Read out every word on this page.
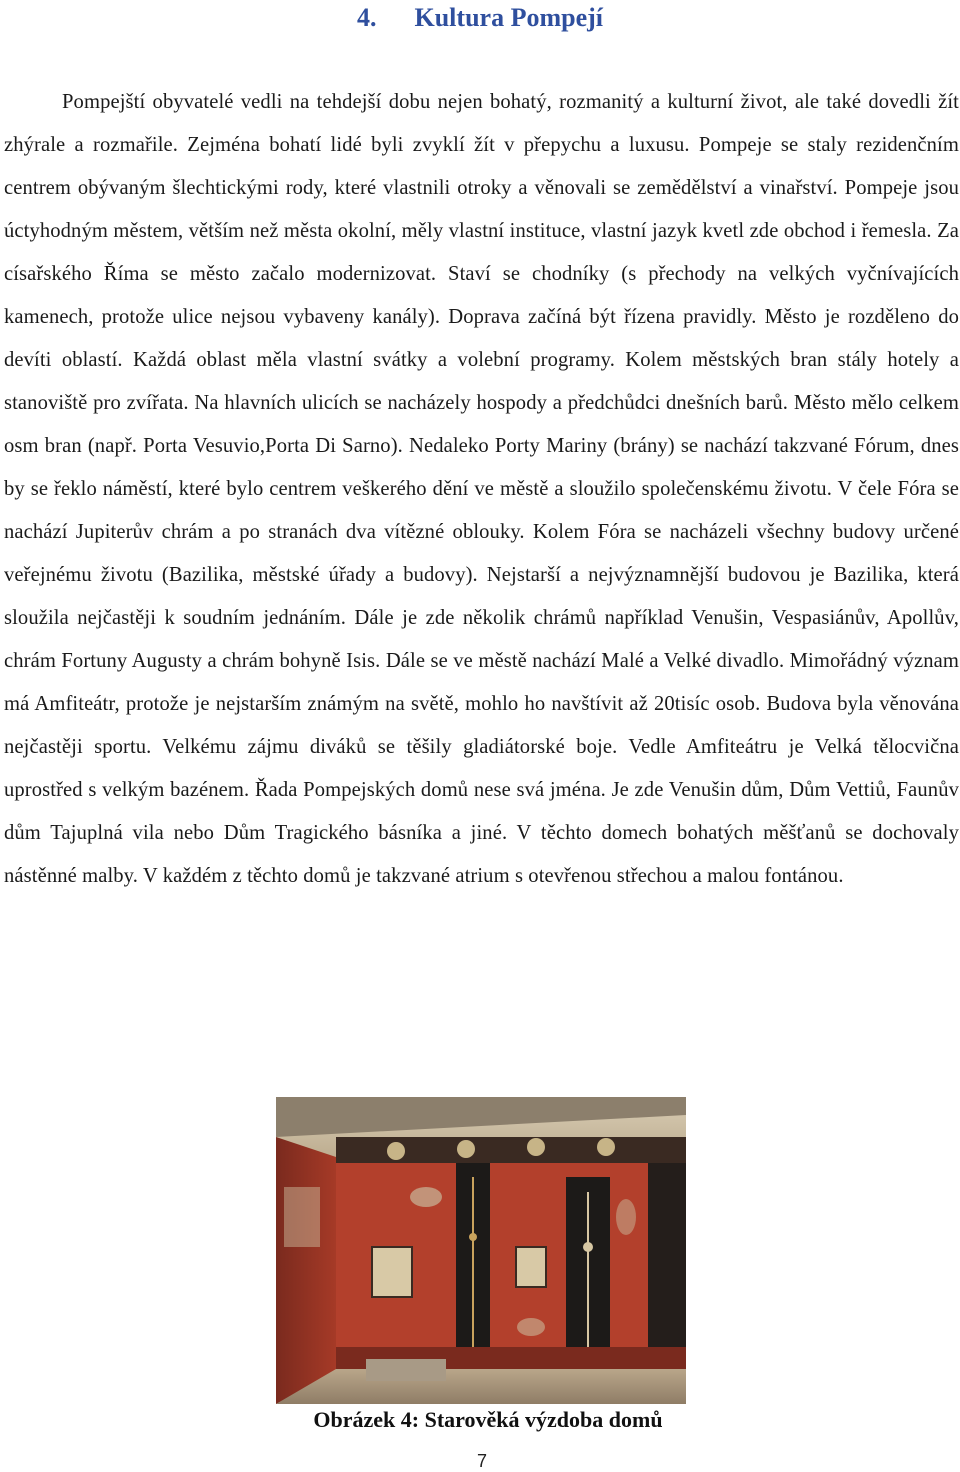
4. Kultura Pompejí

Pompejští obyvatelé vedli na tehdejší dobu nejen bohatý, rozmanitý a kulturní život, ale také dovedli žít zhýrale a rozmařile. Zejména bohatí lidé byli zvyklí žít v přepychu a luxusu. Pompeje se staly rezidenčním centrem obývaným šlechtickými rody, které vlastnili otroky a věnovali se zemědělství a vinařství. Pompeje jsou úctyhodným městem, větším než města okolní, měly vlastní instituce, vlastní jazyk kvetl zde obchod i řemesla. Za císařského Říma se město začalo modernizovat. Staví se chodníky (s přechody na velkých vyčnívajících kamenech, protože ulice nejsou vybaveny kanály). Doprava začíná být řízena pravidly. Město je rozděleno do devíti oblastí. Každá oblast měla vlastní svátky a volební programy. Kolem městských bran stály hotely a stanoviště pro zvířata. Na hlavních ulicích se nacházely hospody a předchůdci dnešních barů. Město mělo celkem osm bran (např. Porta Vesuvio,Porta Di Sarno). Nedaleko Porty Mariny (brány) se nachází takzvané Fórum, dnes by se řeklo náměstí, které bylo centrem veškerého dění ve městě a sloužilo společenskému životu. V čele Fóra se nachází Jupiterův chrám a po stranách dva vítězné oblouky. Kolem Fóra se nacházeli všechny budovy určené veřejnému životu (Bazilika, městské úřady a budovy). Nejstarší a nejvýznamnější budovou je Bazilika, která sloužila nejčastěji k soudním jednáním. Dále je zde několik chrámů například Venušin, Vespasiánův, Apollův, chrám Fortuny Augusty a chrám bohyně Isis. Dále se ve městě nachází Malé a Velké divadlo. Mimořádný význam má Amfiteátr, protože je nejstarším známým na světě, mohlo ho navštívit až 20tisíc osob. Budova byla věnována nejčastěji sportu. Velkému zájmu diváků se těšily gladiátorské boje. Vedle Amfiteátru je Velká tělocvična uprostřed s velkým bazénem. Řada Pompejských domů nese svá jména. Je zde Venušin dům, Dům Vettiů, Faunův dům Tajuplná vila nebo Dům Tragického básníka a jiné. V těchto domech bohatých měšťanů se dochovaly nástěnné malby. V každém z těchto domů je takzvané atrium s otevřenou střechou a malou fontánou.

Obrázek 4: Starověká výzdoba domů
7
